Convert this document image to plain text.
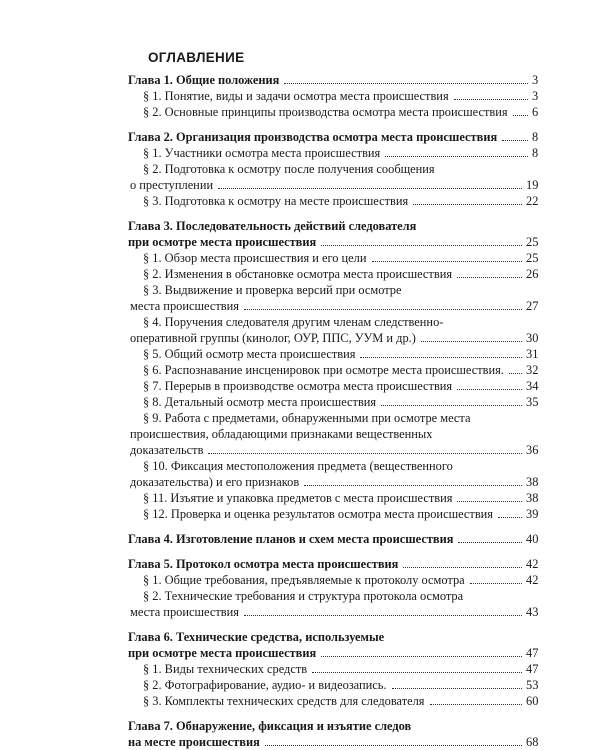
ОГЛАВЛЕНИЕ
Глава 1. Общие положения	3
§ 1. Понятие, виды и задачи осмотра места происшествия	3
§ 2. Основные принципы производства осмотра места происшествия 6
Глава 2. Организация производства осмотра места происшествия	8
§ 1. Участники осмотра места происшествия	8
§ 2. Подготовка к осмотру после получения сообщения
о преступлении	19
§ 3. Подготовка к осмотру на месте происшествия	22
Глава 3. Последовательность действий следователя
при осмотре места происшествия	25
§ 1. Обзор места происшествия и его цели	25
§ 2. Изменения в обстановке осмотра места происшествия	26
§ 3. Выдвижение и проверка версий при осмотре
места происшествия	27
§ 4. Поручения следователя другим членам следственно-
оперативной группы (кинолог, ОУР, ППС, УУМ и др.)	30
§ 5. Общий осмотр места происшествия	31
§ 6. Распознавание инсценировок при осмотре места происшествия. 32
§ 7. Перерыв в производстве осмотра места происшествия	34
§ 8. Детальный осмотр места происшествия	35
§ 9. Работа с предметами, обнаруженными при осмотре места
происшествия, обладающими признаками вещественных
доказательств	36
§ 10. Фиксация местоположения предмета (вещественного
доказательства) и его признаков	38
§ 11. Изъятие и упаковка предметов с места происшествия	38
§ 12. Проверка и оценка результатов осмотра места происшествия	39
Глава 4. Изготовление планов и схем места происшествия	40
Глава 5. Протокол осмотра места происшествия	42
§ 1. Общие требования, предъявляемые к протоколу осмотра	42
§ 2. Технические требования и структура протокола осмотра
места происшествия	43
Глава 6. Технические средства, используемые
при осмотре места происшествия	47
§ 1. Виды технических средств	47
§ 2. Фотографирование, аудио- и видеозапись.	53
§ 3. Комплекты технических средств для следователя	60
Глава 7. Обнаружение, фиксация и изъятие следов
на месте происшествия	68
